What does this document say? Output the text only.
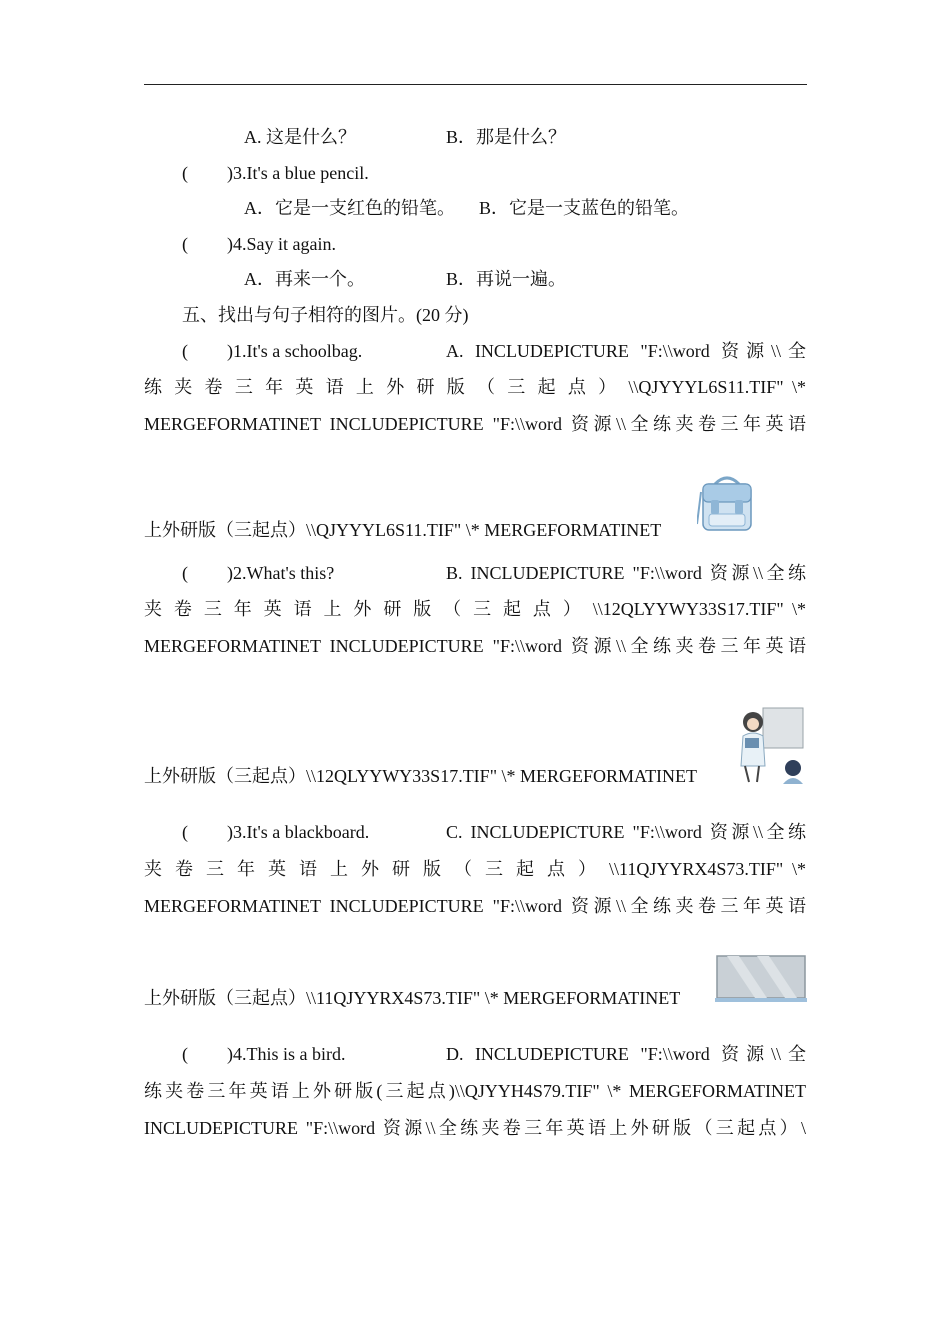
A. 这是什么？	B．那是什么？
( )3.It's a blue pencil.
A．它是一支红色的铅笔。 B．它是一支蓝色的铅笔。
( )4.Say it again.
A．再来一个。	B．再说一遍。
五、找出与句子相符的图片。(20 分)
( )1.It's a schoolbag.	A. INCLUDEPICTURE "F:\\word 资源\\全
练 夹 卷 三 年 英 语 上 外 研 版 （ 三 起 点 ） \\QJYYYL6S11.TIF" \*
MERGEFORMATINET INCLUDEPICTURE "F:\\word 资源\\全练夹卷三年英语
上外研版（三起点）\\QJYYYL6S11.TIF" \* MERGEFORMATINET
( )2.What's this?	B. INCLUDEPICTURE "F:\\word 资源\\全练
夹 卷 三 年 英 语 上 外 研 版 （ 三 起 点 ） \\12QLYYWY33S17.TIF" \*
MERGEFORMATINET INCLUDEPICTURE "F:\\word 资源\\全练夹卷三年英语
上外研版（三起点）\\12QLYYWY33S17.TIF" \* MERGEFORMATINET
( )3.It's a blackboard.	C. INCLUDEPICTURE "F:\\word 资源\\全练
夹 卷 三 年 英 语 上 外 研 版 （ 三 起 点 ） \\11QJYYRX4S73.TIF" \*
MERGEFORMATINET INCLUDEPICTURE "F:\\word 资源\\全练夹卷三年英语
上外研版（三起点）\\11QJYYRX4S73.TIF" \* MERGEFORMATINET
( )4.This is a bird.	D. INCLUDEPICTURE "F:\\word 资源\\全
练夹卷三年英语上外研版(三起点)\\QJYYH4S79.TIF" \* MERGEFORMATINET
INCLUDEPICTURE "F:\\word 资源\\全练夹卷三年英语上外研版（三起点）\
